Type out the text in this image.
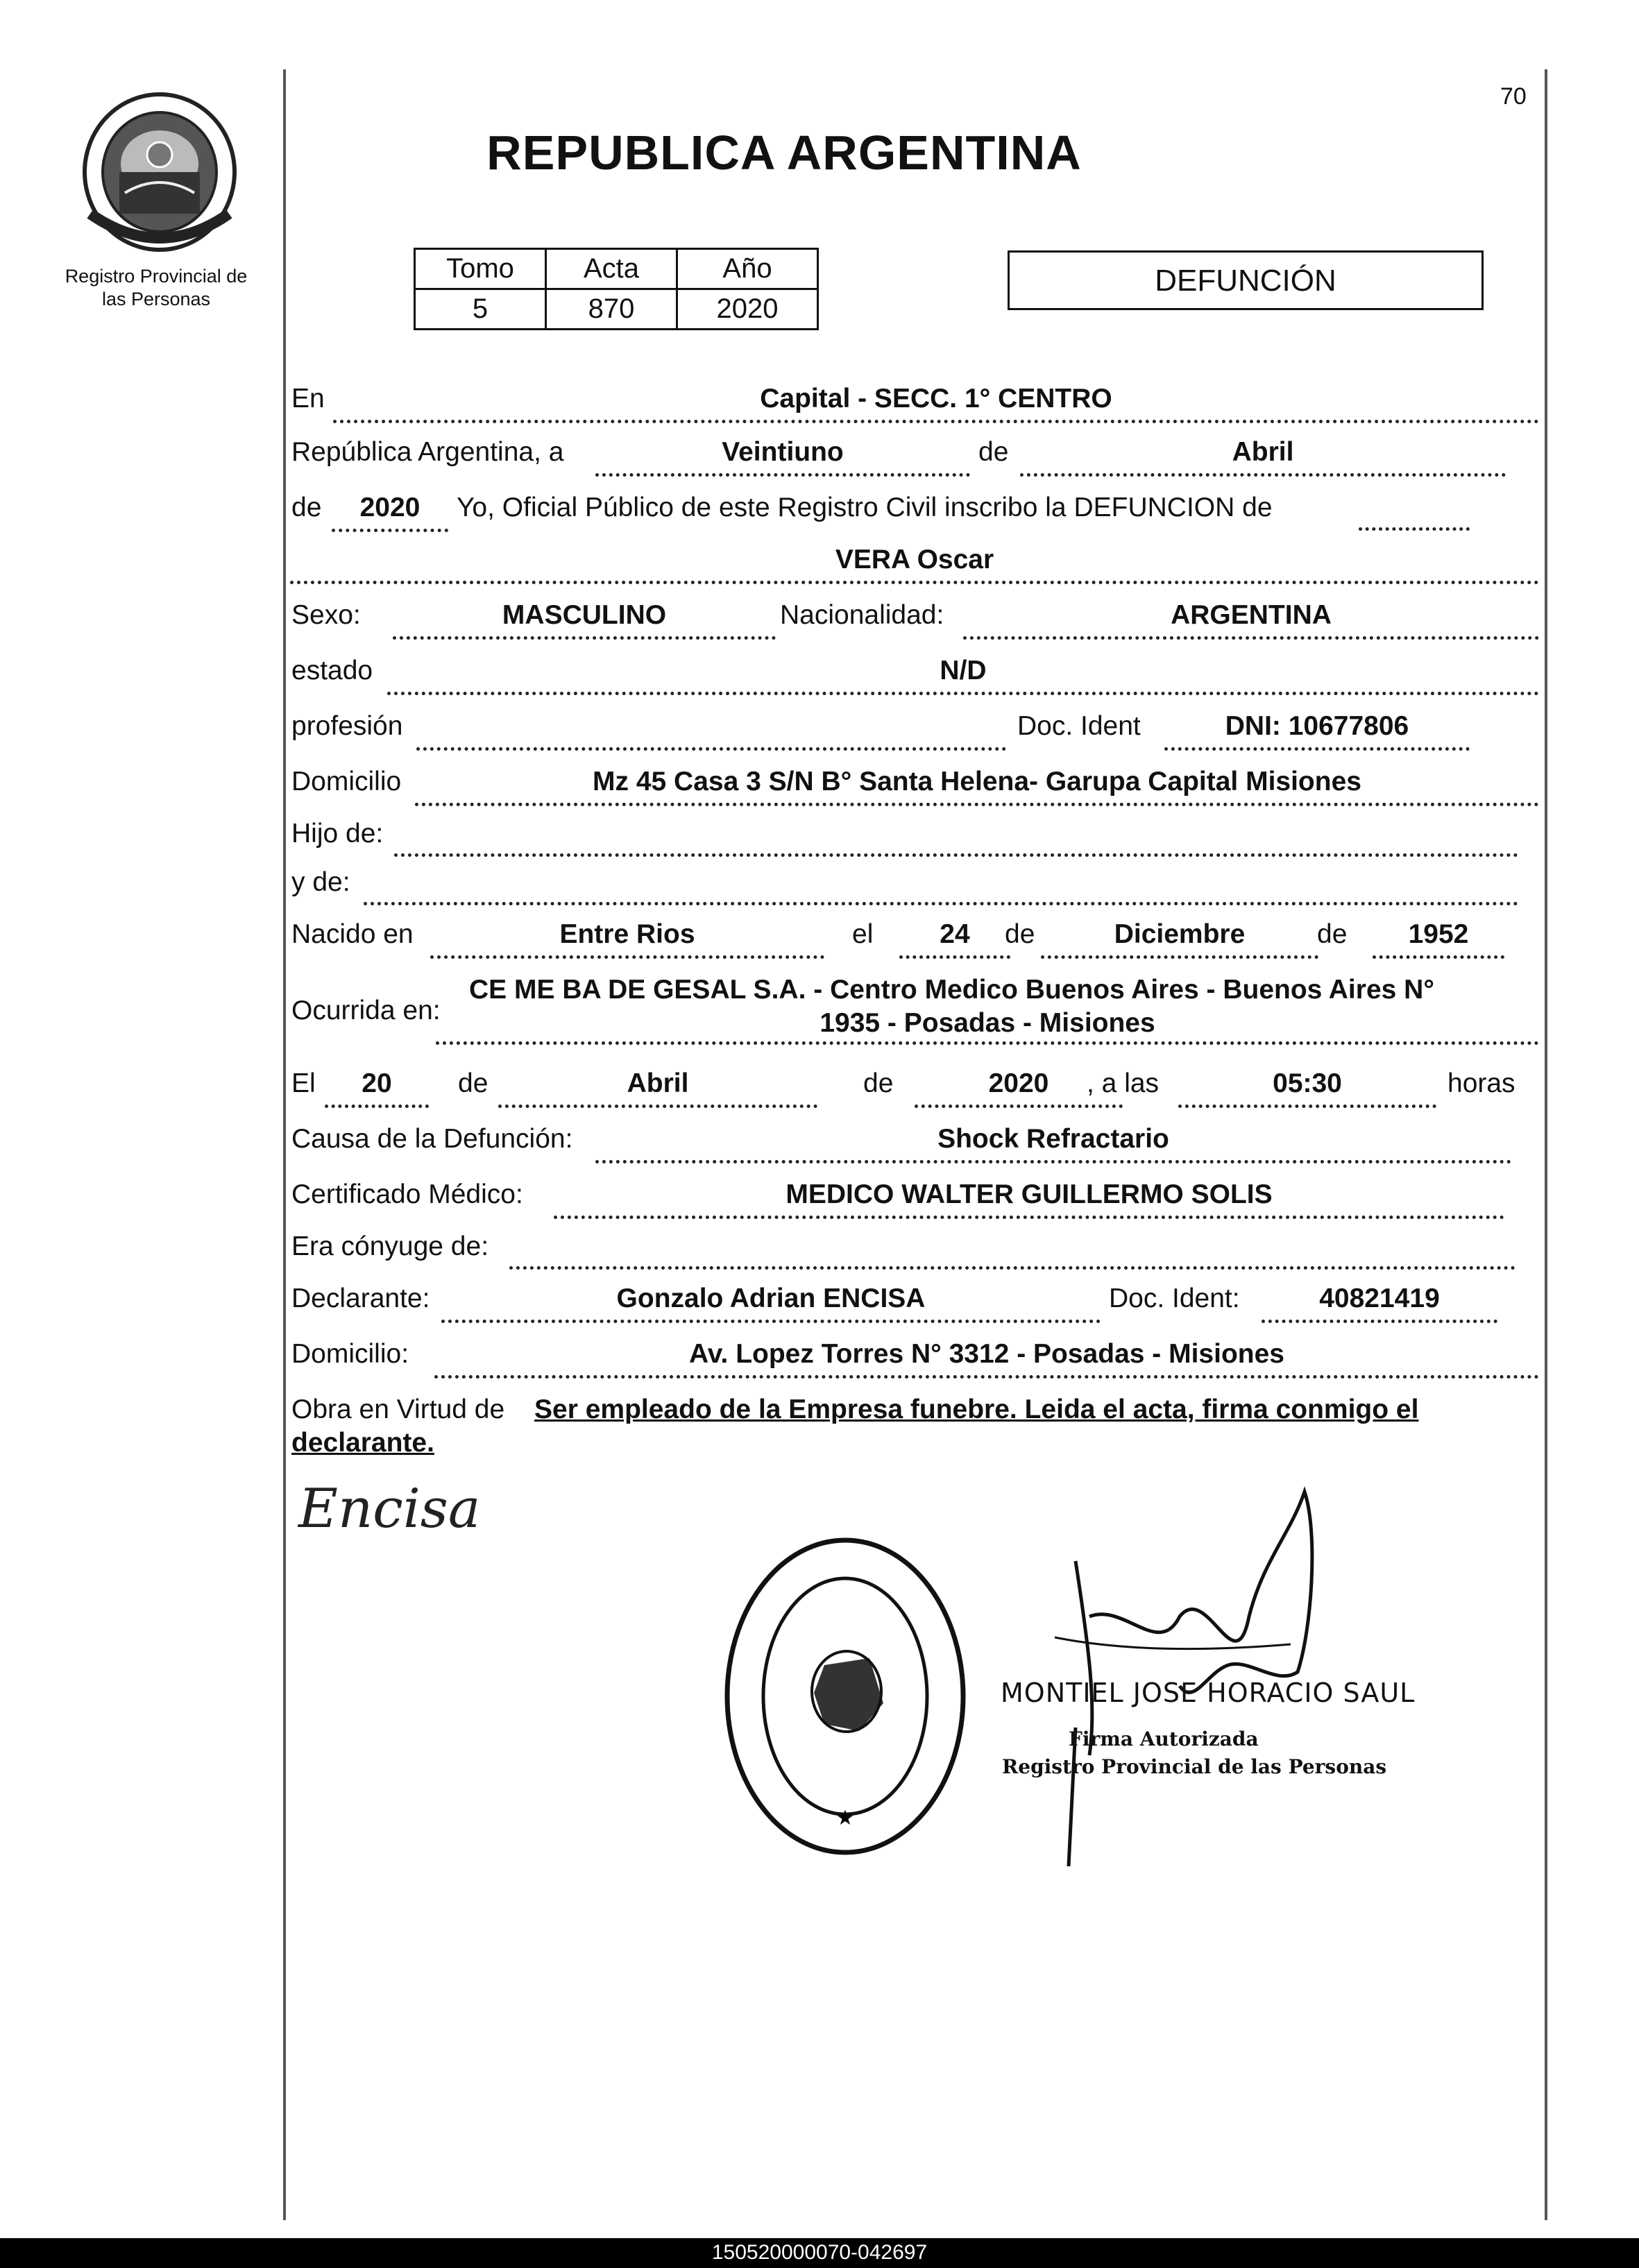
Registro Provincial de
las Personas
70
REPUBLICA ARGENTINA
Tomo	Acta	Año
5	870	2020
DEFUNCIÓN
En	Capital - SECC. 1° CENTRO
República Argentina, a	Veintiuno	de	Abril
de	2020	Yo, Oficial Público de este Registro Civil inscribo la DEFUNCION de
VERA Oscar
Sexo:	MASCULINO	Nacionalidad:	ARGENTINA
estado	N/D
profesión	Doc. Ident	DNI: 10677806
Domicilio	Mz 45 Casa 3 S/N B° Santa Helena- Garupa Capital Misiones
Hijo de:
y de:
Nacido en	Entre Rios	el	24	de	Diciembre	de	1952
Ocurrida en:
CE ME BA DE GESAL S.A. - Centro Medico Buenos Aires - Buenos Aires N°
1935 - Posadas - Misiones
El	20	de	Abril	de	2020	, a las	05:30	horas
Causa de la Defunción:	Shock Refractario
Certificado Médico:	MEDICO WALTER GUILLERMO SOLIS
Era cónyuge de:
Declarante:	Gonzalo Adrian ENCISA	Doc. Ident:	40821419
Domicilio:	Av. Lopez Torres N° 3312 - Posadas - Misiones
Obra en Virtud de Ser empleado de la Empresa funebre. Leida el acta, firma conmigo el
declarante.
Encisa
★
MONTIEL JOSE HORACIO SAUL
Firma Autorizada
Registro Provincial de las Personas
150520000070-042697
